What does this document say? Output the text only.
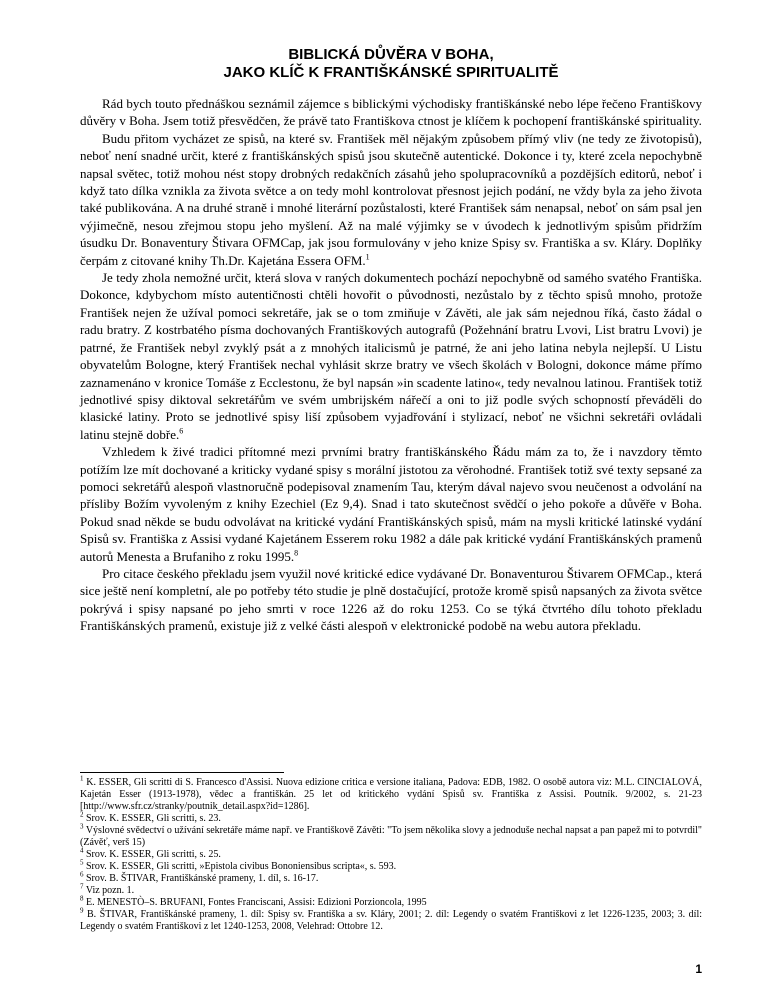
BIBLICKÁ DŮVĚRA V BOHA,
JAKO KLÍČ K FRANTIŠKÁNSKÉ SPIRITUALITĚ

Rád bych touto přednáškou seznámil zájemce s biblickými východisky františkánské nebo lépe řečeno Františkovy důvěry v Boha. Jsem totiž přesvědčen, že právě tato Františkova ctnost je klíčem k pochopení františkánské spirituality.

Budu přitom vycházet ze spisů, na které sv. František měl nějakým způsobem přímý vliv (ne tedy ze životopisů), neboť není snadné určit, které z františkánských spisů jsou skutečně autentické. Dokonce i ty, které zcela nepochybně napsal světec, totiž mohou nést stopy drobných redakčních zásahů jeho spolupracovníků a pozdějších editorů, neboť i když tato dílka vznikla za života světce a on tedy mohl kontrolovat přesnost jejich podání, ne vždy byla za jeho života také publikována. A na druhé straně i mnohé literární pozůstalosti, které František sám nenapsal, neboť on sám psal jen výjimečně, nesou zřejmou stopu jeho myšlení. Až na malé výjimky se v úvodech k jednotlivým spisům přidržím úsudku Dr. Bonaventury Štivara OFMCap, jak jsou formulovány v jeho knize Spisy sv. Františka a sv. Kláry. Doplňky čerpám z citované knihy Th.Dr. Kajetána Essera OFM.$^1$

Je tedy zhola nemožné určit, která slova v raných dokumentech pochází nepochybně od samého svatého Františka. Dokonce, kdybychom místo autentičnosti chtěli hovořit o původnosti, nezůstalo by z těchto spisů mnoho, protože František nejen že užíval pomoci sekretáře, jak se o tom zmiňuje v Závěti, ale jak sám nejednou říká, často žádal o radu bratry. Z kostrbatého písma dochovaných Františkových autografů (Požehnání bratru Lvovi, List bratru Lvovi) je patrné, že František nebyl zvyklý psát a z mnohých italicismů je patrné, že ani jeho latina nebyla nejlepší. U Listu obyvatelům Bologne, který František nechal vyhlásit skrze bratry ve všech školách v Bologni, dokonce máme přímo zaznamenáno v kronice Tomáše z Ecclestonu, že byl napsán »in scadente latino«, tedy nevalnou latinou. František totiž jednotlivé spisy diktoval sekretářům ve svém umbrijském nářečí a oni to již podle svých schopností převáděli do klasické latiny. Proto se jednotlivé spisy liší způsobem vyjadřování i stylizací, neboť ne všichni sekretáři ovládali latinu stejně dobře.$^6$

Vzhledem k živé tradici přítomné mezi prvními bratry františkánského Řádu mám za to, že i navzdory těmto potížím lze mít dochované a kriticky vydané spisy s morální jistotou za věrohodné. František totiž své texty sepsané za pomoci sekretářů alespoň vlastnoručně podepisoval znamením Tau, kterým dával najevo svou neučenost a odvolání na přísliby Božím vyvoleným z knihy Ezechiel (Ez 9,4). Snad i tato skutečnost svědčí o jeho pokoře a důvěře v Boha. Pokud snad někde se budu odvolávat na kritické vydání Františkánských spisů, mám na mysli kritické latinské vydání Spisů sv. Františka z Assisi vydané Kajetánem Esserem roku 1982 a dále pak kritické vydání Františkánských pramenů autorů Menesta a Brufaniho z roku 1995.$^8$

Pro citace českého překladu jsem využil nové kritické edice vydávané Dr. Bonaventurou Štivarem OFMCap., která sice ještě není kompletní, ale po potřeby této studie je plně dostačující, protože kromě spisů napsaných za života světce pokrývá i spisy napsané po jeho smrti v roce 1226 až do roku 1253. Co se týká čtvrtého dílu tohoto překladu Františkánských pramenů, existuje již z velké části alespoň v elektronické podobě na webu autora překladu.

$^1$ K. ESSER, Gli scritti di S. Francesco d'Assisi. Nuova edizione critica e versione italiana, Padova: EDB, 1982. O osobě autora viz: M.L. CINCIALOVÁ, Kajetán Esser (1913-1978), vědec a františkán. 25 let od kritického vydání Spisů sv. Františka z Assisi. Poutník. 9/2002, s. 21-23 [http://www.sfr.cz/stranky/poutnik_detail.aspx?id=1286].

$^2$ Srov. K. ESSER, Gli scritti, s. 23.

$^3$ Výslovné svědectví o užívání sekretáře máme např. ve Františkově Závěti: "To jsem několika slovy a jednoduše nechal napsat a pan papež mi to potvrdil" (Závěť, verš 15)

$^4$ Srov. K. ESSER, Gli scritti, s. 25.

$^5$ Srov. K. ESSER, Gli scritti, »Epistola civibus Bononiensibus scripta«, s. 593.

$^6$ Srov. B. ŠTIVAR, Františkánské prameny, 1. díl, s. 16-17.

$^7$ Viz pozn. 1.

$^8$ E. MENESTÒ–S. BRUFANI, Fontes Franciscani, Assisi: Edizioni Porzioncola, 1995

$^9$ B. ŠTIVAR, Františkánské prameny, 1. díl: Spisy sv. Františka a sv. Kláry, 2001; 2. díl: Legendy o svatém Františkovi z let 1226-1235, 2003; 3. díl: Legendy o svatém Františkovi z let 1240-1253, 2008, Velehrad: Ottobre 12.

1
